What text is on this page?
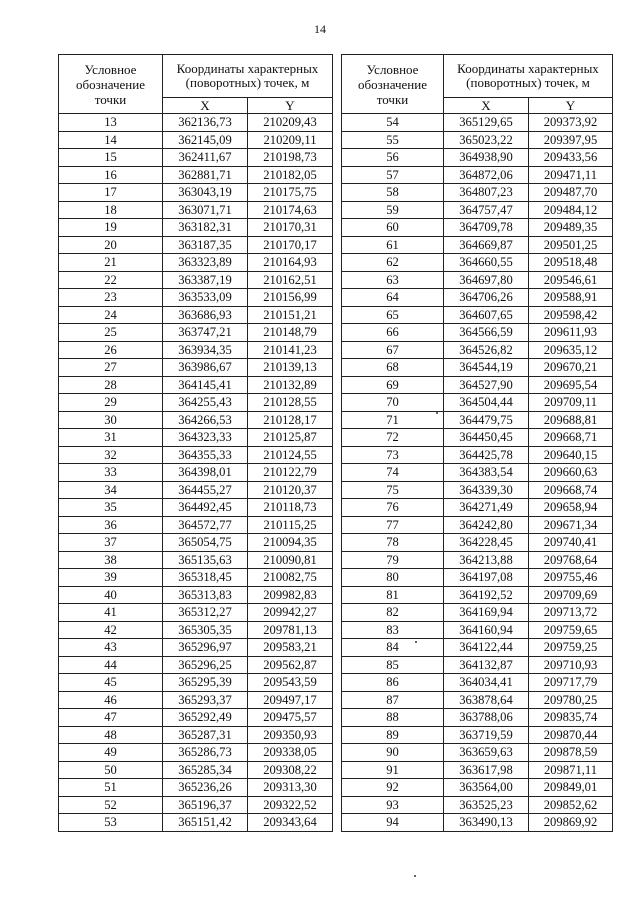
14
Условное обозначение точки	Координаты характерных (поворотных) точек, м	
	X	Y
13	362136,73	210209,43
14	362145,09	210209,11
15	362411,67	210198,73
16	362881,71	210182,05
17	363043,19	210175,75
18	363071,71	210174,63
19	363182,31	210170,31
20	363187,35	210170,17
21	363323,89	210164,93
22	363387,19	210162,51
23	363533,09	210156,99
24	363686,93	210151,21
25	363747,21	210148,79
26	363934,35	210141,23
27	363986,67	210139,13
28	364145,41	210132,89
29	364255,43	210128,55
30	364266,53	210128,17
31	364323,33	210125,87
32	364355,33	210124,55
33	364398,01	210122,79
34	364455,27	210120,37
35	364492,45	210118,73
36	364572,77	210115,25
37	365054,75	210094,35
38	365135,63	210090,81
39	365318,45	210082,75
40	365313,83	209982,83
41	365312,27	209942,27
42	365305,35	209781,13
43	365296,97	209583,21
44	365296,25	209562,87
45	365295,39	209543,59
46	365293,37	209497,17
47	365292,49	209475,57
48	365287,31	209350,93
49	365286,73	209338,05
50	365285,34	209308,22
51	365236,26	209313,30
52	365196,37	209322,52
53	365151,42	209343,64
Условное обозначение точки	Координаты характерных (поворотных) точек, м	
	X	Y
54	365129,65	209373,92
55	365023,22	209397,95
56	364938,90	209433,56
57	364872,06	209471,11
58	364807,23	209487,70
59	364757,47	209484,12
60	364709,78	209489,35
61	364669,87	209501,25
62	364660,55	209518,48
63	364697,80	209546,61
64	364706,26	209588,91
65	364607,65	209598,42
66	364566,59	209611,93
67	364526,82	209635,12
68	364544,19	209670,21
69	364527,90	209695,54
70	364504,44	209709,11
71	364479,75	209688,81
72	364450,45	209668,71
73	364425,78	209640,15
74	364383,54	209660,63
75	364339,30	209668,74
76	364271,49	209658,94
77	364242,80	209671,34
78	364228,45	209740,41
79	364213,88	209768,64
80	364197,08	209755,46
81	364192,52	209709,69
82	364169,94	209713,72
83	364160,94	209759,65
84	364122,44	209759,25
85	364132,87	209710,93
86	364034,41	209717,79
87	363878,64	209780,25
88	363788,06	209835,74
89	363719,59	209870,44
90	363659,63	209878,59
91	363617,98	209871,11
92	363564,00	209849,01
93	363525,23	209852,62
94	363490,13	209869,92
